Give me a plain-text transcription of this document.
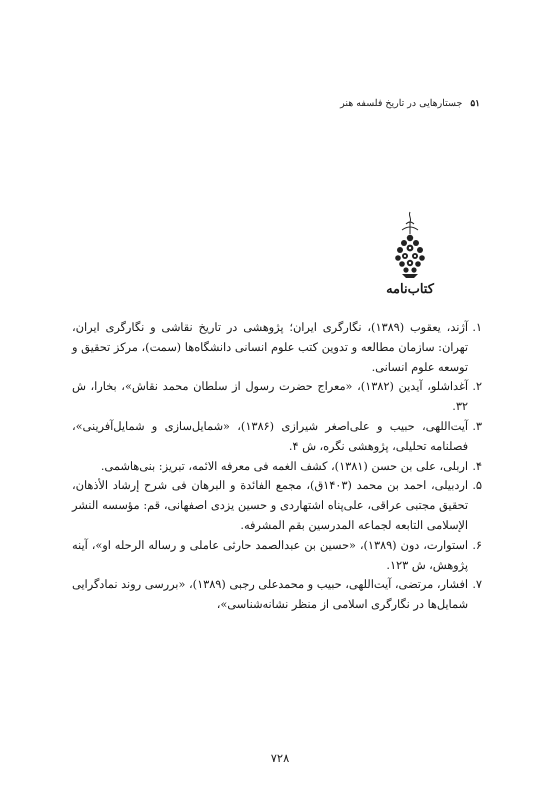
۵۱
جستارهایی در تاریخ فلسفه هنر
کتاب‌نامه
۱.
آژند، یعقوب (۱۳۸۹)، نگارگری ایران؛ پژوهشی در تاریخ نقاشی و نگارگری ایران، تهران: سازمان مطالعه و تدوین کتب علوم انسانی دانشگاه‌ها (سمت)، مرکز تحقیق و توسعه علوم انسانی.
۲.
آغداشلو، آیدین (۱۳۸۲)، «معراج حضرت رسول از سلطان محمد نقاش»، بخارا، ش ۳۲.
۳.
آیت‌اللهی، حبیب و علی‌اصغر شیرازی (۱۳۸۶)، «شمایل‌سازی و شمایل‌آفرینی»، فصلنامه تحلیلی، پژوهشی نگره، ش ۴.
۴.
اربلی، علی بن حسن (۱۳۸۱)، کشف الغمه فی معرفه الائمه، تبریز: بنی‌هاشمی.
۵.
اردبیلی، احمد بن محمد (۱۴۰۳ق)، مجمع الفائدة و البرهان فی شرح إرشاد الأذهان، تحقیق مجتبی عراقی، علی‌پناه اشتهاردی و حسین یزدی اصفهانی، قم: مؤسسه النشر الإسلامی التابعه لجماعه المدرسین بقم المشرفه.
۶.
استوارت، دون (۱۳۸۹)، «حسین بن عبدالصمد حارثی عاملی و رساله الرحله او»، آینه پژوهش، ش ۱۲۳.
۷.
افشار، مرتضی، آیت‌اللهی، حبیب و محمدعلی رجبی (۱۳۸۹)، «بررسی روند نمادگرایی شمایل‌ها در نگارگری اسلامی از منظر نشانه‌شناسی»،
۷۲۸
